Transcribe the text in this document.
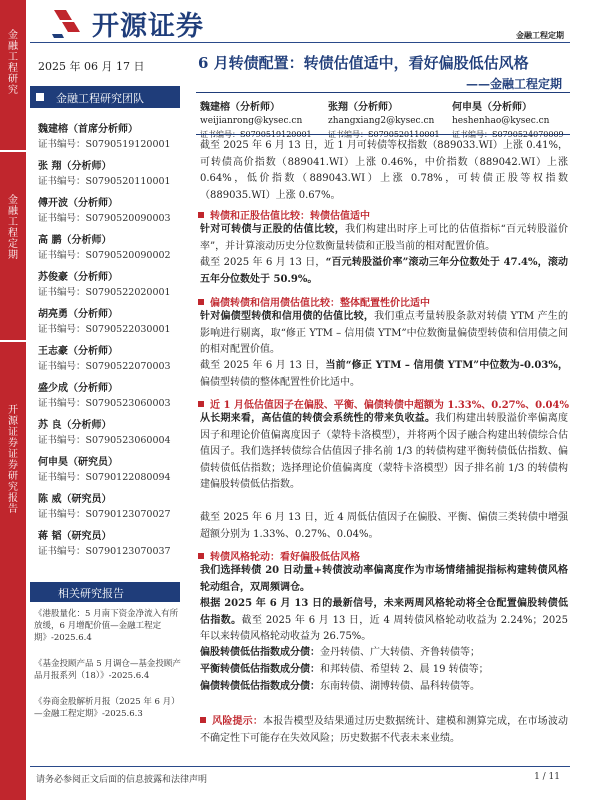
金融工程研究
金融工程定期
开源证券 证券研究报告
开源证券	金融工程定期
2025 年 06 月 17 日
金融工程研究团队
魏建榕（首席分析师）
证书编号：S0790519120001
张 翔（分析师）
证书编号：S0790520110001
傅开波（分析师）
证书编号：S0790520090003
高 鹏（分析师）
证书编号：S0790520090002
苏俊豪（分析师）
证书编号：S0790522020001
胡亮勇（分析师）
证书编号：S0790522030001
王志豪（分析师）
证书编号：S0790522070003
盛少成（分析师）
证书编号：S0790523060003
苏 良（分析师）
证书编号：S0790523060004
何申昊（研究员）
证书编号：S0790122080094
陈 威（研究员）
证书编号：S0790123070027
蒋 韬（研究员）
证书编号：S0790123070037
相关研究报告
《港股量化：5 月南下资金净流入有所放缓，6 月增配价值—金融工程定期》-2025.6.4
《基金投顾产品 5 月调仓—基金投顾产品月报系列（18）》-2025.6.4
《券商金股解析月报（2025 年 6 月）—金融工程定期》-2025.6.3
6 月转债配置：转债估值适中，看好偏股低估风格
——金融工程定期
魏建榕（分析师）
weijianrong@kysec.cn
张翔（分析师）
zhangxiang2@kysec.cn
何申昊（分析师）
heshenhao@kysec.cn
截至 2025 年 6 月 13 日，近 1 月可转债等权指数（889033.WI）上涨 0.41%，可转债高价指数（889041.WI）上涨 0.46%，中价指数（889042.WI）上涨 0.64%，低价指数（889043.WI）上涨 0.78%，可转债正股等权指数（889035.WI）上涨 0.67%。
转债和正股估值比较：转债估值适中
针对可转债与正股的估值比较，我们构建出时序上可比的估值指标“百元转股溢价率”，并计算滚动历史分位数衡量转债和正股当前的相对配置价值。
截至 2025 年 6 月 13 日，“百元转股溢价率”滚动三年分位数处于 47.4%，滚动五年分位数处于 50.9%。
偏债转债和信用债估值比较：整体配置性价比适中
针对偏债型转债和信用债的估值比较，我们重点考量转股条款对转债 YTM 产生的影响进行剔离，取“修正 YTM – 信用债 YTM”中位数衡量偏债型转债和信用债之间的相对配置价值。
截至 2025 年 6 月 13 日，当前“修正 YTM – 信用债 YTM”中位数为-0.03%，偏债型转债的整体配置性价比适中。
近 1 月低估值因子在偏股、平衡、偏债转债中超额为 1.33%、0.27%、0.04%
从长期来看，高估值的转债会系统性的带来负收益。我们构建出转股溢价率偏离度因子和理论价值偏离度因子（蒙特卡洛模型），并将两个因子融合构建出转债综合估值因子。我们选择转债综合估值因子排名前 1/3 的转债构建平衡转债低估指数、偏债转债低估指数；选择理论价值偏离度（蒙特卡洛模型）因子排名前 1/3 的转债构建偏股转债低估指数。
截至 2025 年 6 月 13 日，近 4 周低估值因子在偏股、平衡、偏债三类转债中增强超额分别为 1.33%、0.27%、0.04%。
转债风格轮动：看好偏股低估风格
我们选择转债 20 日动量+转债波动率偏离度作为市场情绪捕捉指标构建转债风格轮动组合，双周频调仓。
根据 2025 年 6 月 13 日的最新信号，未来两周风格轮动将全仓配置偏股转债低估指数。截至 2025 年 6 月 13 日，近 4 周转债风格轮动收益为 2.24%；2025 年以来转债风格轮动收益为 26.75%。
偏股转债低估指数成分债：金丹转债、广大转债、齐鲁转债等；
平衡转债低估指数成分债：和邦转债、希望转 2、晨 19 转债等；
偏债转债低估指数成分债：东南转债、湖博转债、晶科转债等。
风险提示：本报告模型及结果通过历史数据统计、建模和测算完成，在市场波动不确定性下可能存在失效风险；历史数据不代表未来业绩。
请务必参阅正文后面的信息披露和法律声明	1 / 11
